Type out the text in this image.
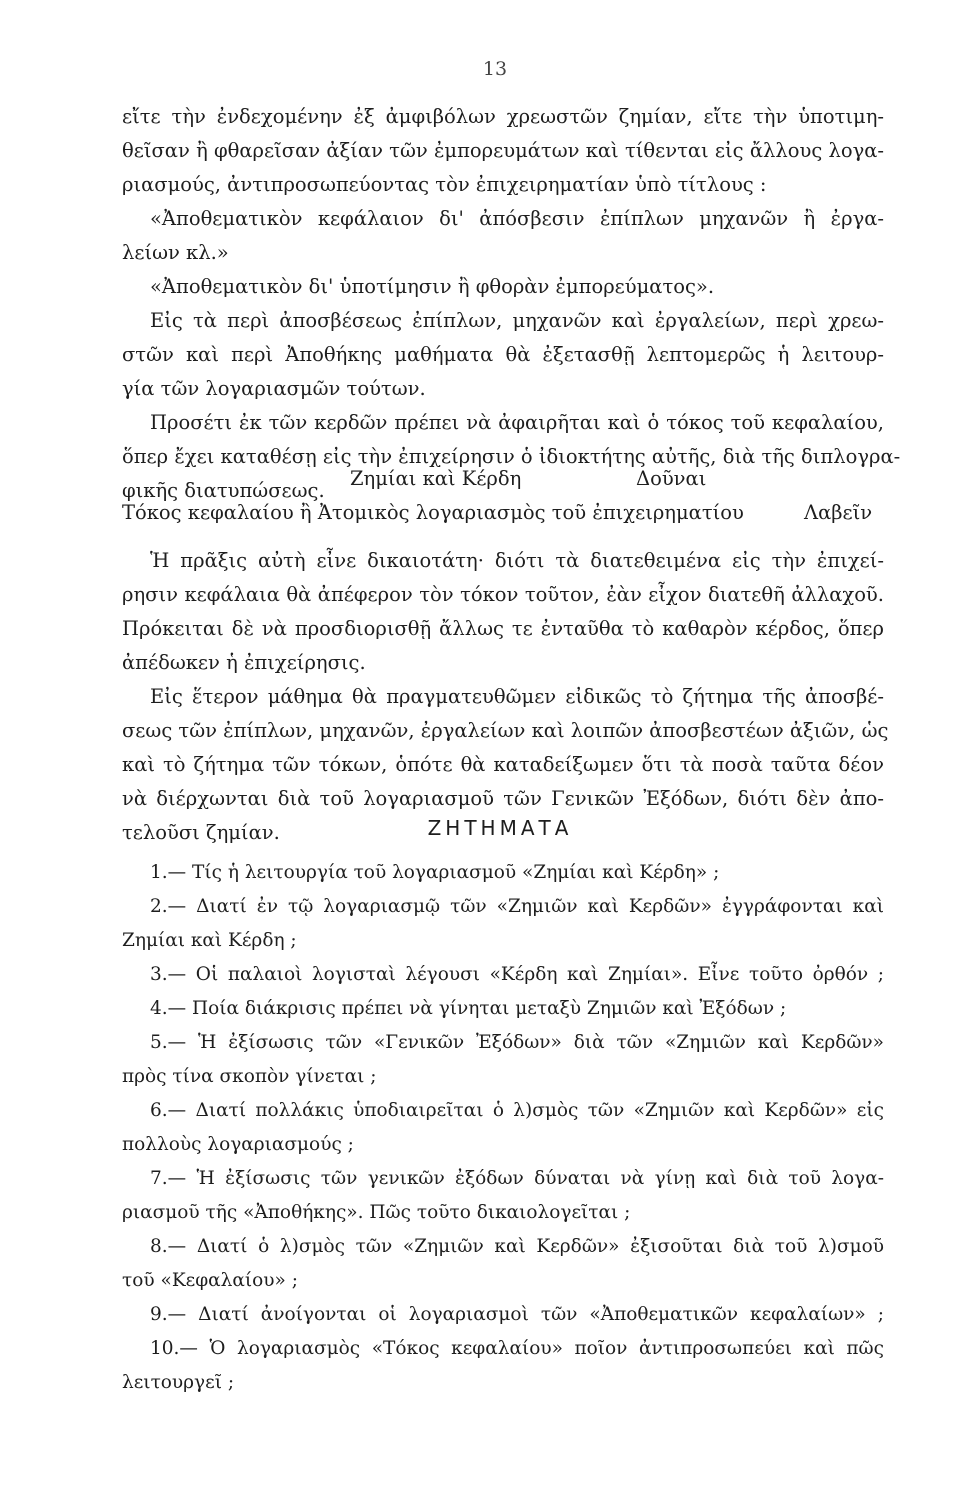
13
εἴτε τὴν ἐνδεχομένην ἐξ ἀμφιβόλων χρεωστῶν ζημίαν, εἴτε τὴν ὑποτιμη-
θεῖσαν ἢ φθαρεῖσαν ἀξίαν τῶν ἐμπορευμάτων καὶ τίθενται εἰς ἄλλους λογα-
ριασμούς, ἀντιπροσωπεύοντας τὸν ἐπιχειρηματίαν ὑπὸ τίτλους :
«Ἀποθεματικὸν κεφάλαιον δι' ἀπόσβεσιν ἐπίπλων μηχανῶν ἢ ἐργα-
λείων κλ.»
«Ἀποθεματικὸν δι' ὑποτίμησιν ἢ φθορὰν ἐμπορεύματος».
Εἰς τὰ περὶ ἀποσβέσεως ἐπίπλων, μηχανῶν καὶ ἐργαλείων, περὶ χρεω-
στῶν καὶ περὶ Ἀποθήκης μαθήματα θὰ ἐξετασθῇ λεπτομερῶς ἡ λειτουρ-
γία τῶν λογαριασμῶν τούτων.
Προσέτι ἐκ τῶν κερδῶν πρέπει νὰ ἀφαιρῆται καὶ ὁ τόκος τοῦ κεφαλαίου,
ὅπερ ἔχει καταθέσῃ εἰς τὴν ἐπιχείρησιν ὁ ἰδιοκτήτης αὐτῆς, διὰ τῆς διπλογρα-
φικῆς διατυπώσεως.
Ζημίαι καὶ Κέρδη	Δοῦναι
Τόκος κεφαλαίου ἢ Ἀτομικὸς λογαριασμὸς τοῦ ἐπιχειρηματίου	Λαβεῖν
Ἡ πρᾶξις αὐτὴ εἶνε δικαιοτάτη· διότι τὰ διατεθειμένα εἰς τὴν ἐπιχεί-
ρησιν κεφάλαια θὰ ἀπέφερον τὸν τόκον τοῦτον, ἐὰν εἶχον διατεθῆ ἀλλαχοῦ.
Πρόκειται δὲ νὰ προσδιορισθῇ ἄλλως τε ἐνταῦθα τὸ καθαρὸν κέρδος, ὅπερ
ἀπέδωκεν ἡ ἐπιχείρησις.
Εἰς ἕτερον μάθημα θὰ πραγματευθῶμεν εἰδικῶς τὸ ζήτημα τῆς ἀποσβέ-
σεως τῶν ἐπίπλων, μηχανῶν, ἐργαλείων καὶ λοιπῶν ἀποσβεστέων ἀξιῶν, ὡς
καὶ τὸ ζήτημα τῶν τόκων, ὁπότε θὰ καταδείξωμεν ὅτι τὰ ποσὰ ταῦτα δέον
νὰ διέρχωνται διὰ τοῦ λογαριασμοῦ τῶν Γενικῶν Ἐξόδων, διότι δὲν ἀπο-
τελοῦσι ζημίαν.	ΖΗΤΗΜΑΤΑ
1.— Τίς ἡ λειτουργία τοῦ λογαριασμοῦ «Ζημίαι καὶ Κέρδη» ;
2.— Διατί ἐν τῷ λογαριασμῷ τῶν «Ζημιῶν καὶ Κερδῶν» ἐγγράφονται καὶ
Ζημίαι καὶ Κέρδη ;
3.— Οἱ παλαιοὶ λογισταὶ λέγουσι «Κέρδη καὶ Ζημίαι». Εἶνε τοῦτο ὀρθόν ;
4.— Ποία διάκρισις πρέπει νὰ γίνηται μεταξὺ Ζημιῶν καὶ Ἐξόδων ;
5.— Ἡ ἐξίσωσις τῶν «Γενικῶν Ἐξόδων» διὰ τῶν «Ζημιῶν καὶ Κερδῶν»
πρὸς τίνα σκοπὸν γίνεται ;
6.— Διατί πολλάκις ὑποδιαιρεῖται ὁ λ)σμὸς τῶν «Ζημιῶν καὶ Κερδῶν» εἰς
πολλοὺς λογαριασμούς ;
7.— Ἡ ἐξίσωσις τῶν γενικῶν ἐξόδων δύναται νὰ γίνῃ καὶ διὰ τοῦ λογα-
ριασμοῦ τῆς «Ἀποθήκης». Πῶς τοῦτο δικαιολογεῖται ;
8.— Διατί ὁ λ)σμὸς τῶν «Ζημιῶν καὶ Κερδῶν» ἐξισοῦται διὰ τοῦ λ)σμοῦ
τοῦ «Κεφαλαίου» ;
9.— Διατί ἀνοίγονται οἱ λογαριασμοὶ τῶν «Ἀποθεματικῶν κεφαλαίων» ;
10.— Ὁ λογαριασμὸς «Τόκος κεφαλαίου» ποῖον ἀντιπροσωπεύει καὶ πῶς
λειτουργεῖ ;
